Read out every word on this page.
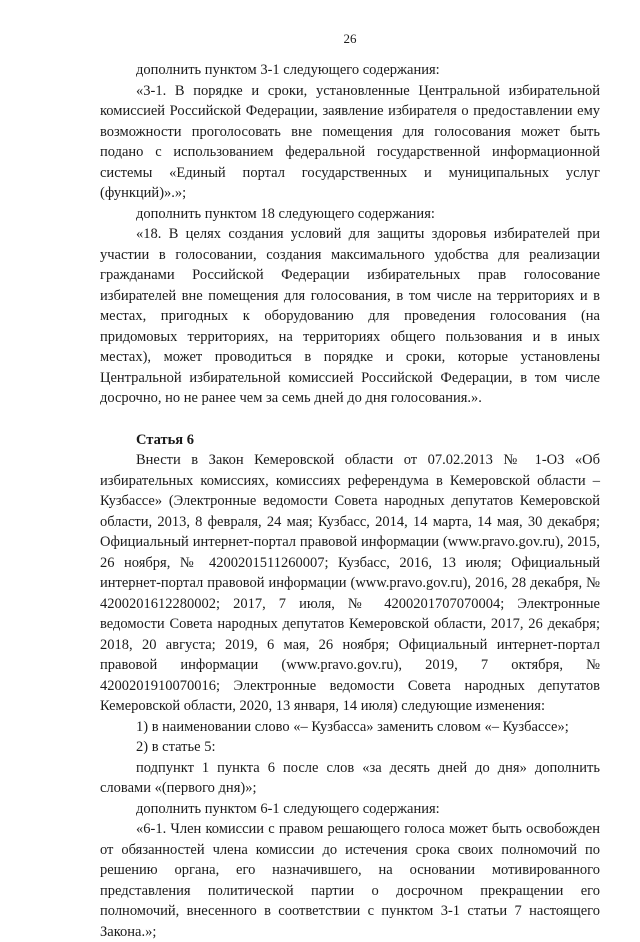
26

дополнить пунктом 3-1 следующего содержания:

«3-1. В порядке и сроки, установленные Центральной избирательной комиссией Российской Федерации, заявление избирателя о предоставлении ему возможности проголосовать вне помещения для голосования может быть подано с использованием федеральной государственной информационной системы «Единый портал государственных и муниципальных услуг (функций)».»;

дополнить пунктом 18 следующего содержания:

«18. В целях создания условий для защиты здоровья избирателей при участии в голосовании, создания максимального удобства для реализации гражданами Российской Федерации избирательных прав голосование избирателей вне помещения для голосования, в том числе на территориях и в местах, пригодных к оборудованию для проведения голосования (на придомовых территориях, на территориях общего пользования и в иных местах), может проводиться в порядке и сроки, которые установлены Центральной избирательной комиссией Российской Федерации, в том числе досрочно, но не ранее чем за семь дней до дня голосования.».

Статья 6

Внести в Закон Кемеровской области от 07.02.2013 № 1-ОЗ «Об избирательных комиссиях, комиссиях референдума в Кемеровской области – Кузбассе» (Электронные ведомости Совета народных депутатов Кемеровской области, 2013, 8 февраля, 24 мая; Кузбасс, 2014, 14 марта, 14 мая, 30 декабря; Официальный интернет-портал правовой информации (www.pravo.gov.ru), 2015, 26 ноября, № 4200201511260007; Кузбасс, 2016, 13 июля; Официальный интернет-портал правовой информации (www.pravo.gov.ru), 2016, 28 декабря, № 4200201612280002; 2017, 7 июля, № 4200201707070004; Электронные ведомости Совета народных депутатов Кемеровской области, 2017, 26 декабря; 2018, 20 августа; 2019, 6 мая, 26 ноября; Официальный интернет-портал правовой информации (www.pravo.gov.ru), 2019, 7 октября, № 4200201910070016; Электронные ведомости Совета народных депутатов Кемеровской области, 2020, 13 января, 14 июля) следующие изменения:

1) в наименовании слово «– Кузбасса» заменить словом «– Кузбассе»;

2) в статье 5:

подпункт 1 пункта 6 после слов «за десять дней до дня» дополнить словами «(первого дня)»;

дополнить пунктом 6-1 следующего содержания:

«6-1. Член комиссии с правом решающего голоса может быть освобожден от обязанностей члена комиссии до истечения срока своих полномочий по решению органа, его назначившего, на основании мотивированного представления политической партии о досрочном прекращении его полномочий, внесенного в соответствии с пунктом 3-1 статьи 7 настоящего Закона.»;
